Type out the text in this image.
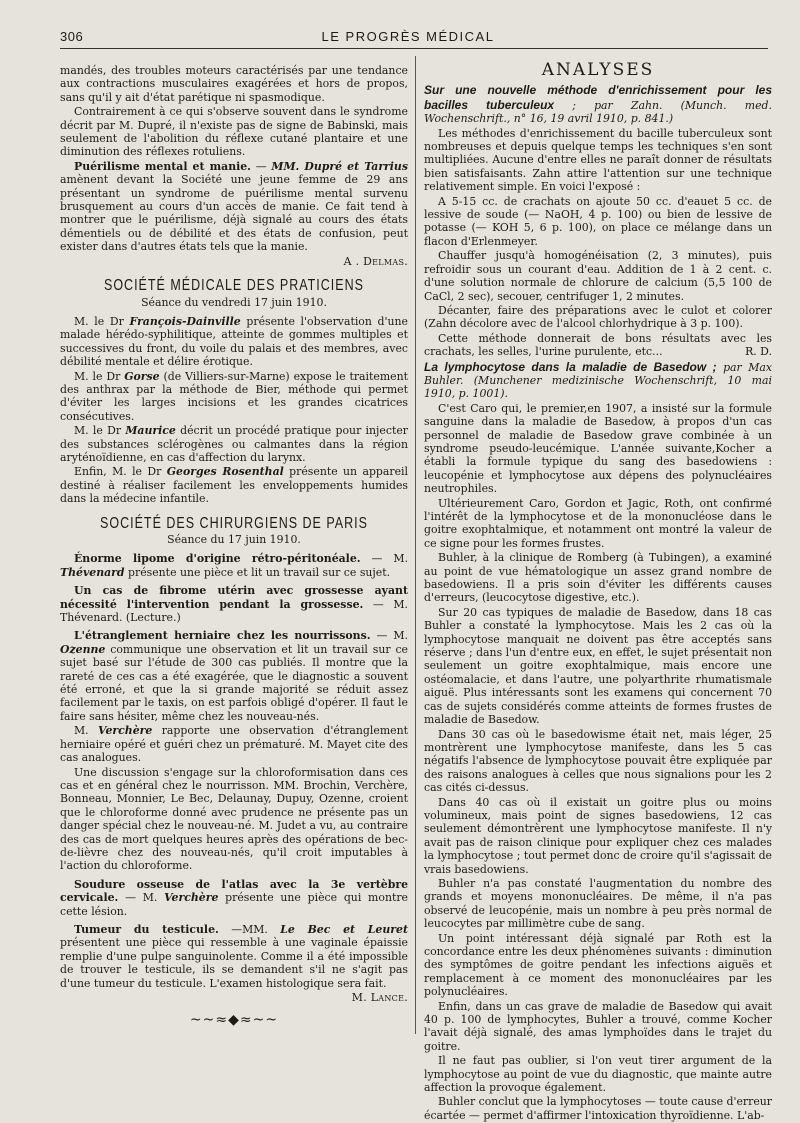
306	LE PROGRÈS MÉDICAL

mandés, des troubles moteurs caractérisés par une tendance aux contractions musculaires exagérées et hors de propos, sans qu'il y ait d'état parétique ni spasmodique.

Contrairement à ce qui s'observe souvent dans le syndrome décrit par M. Dupré, il n'existe pas de signe de Babinski, mais seulement de l'abolition du réflexe cutané plantaire et une diminution des réflexes rotuliens.

Puérilisme mental et manie. — MM. Dupré et Tarrius amènent devant la Société une jeune femme de 29 ans présentant un syndrome de puérilisme mental survenu brusquement au cours d'un accès de manie. Ce fait tend à montrer que le puérilisme, déjà signalé au cours des états démentiels ou de débilité et des états de confusion, peut exister dans d'autres états tels que la manie.

A . Delmas.

SOCIÉTÉ MÉDICALE DES PRATICIENS

Séance du vendredi 17 juin 1910.

M. le Dr François-Dainville présente l'observation d'une malade hérédo-syphilitique, atteinte de gommes multiples et successives du front, du voile du palais et des membres, avec débilité mentale et délire érotique.

M. le Dr Gorse (de Villiers-sur-Marne) expose le traitement des anthrax par la méthode de Bier, méthode qui permet d'éviter les larges incisions et les grandes cicatrices consécutives.

M. le Dr Maurice décrit un procédé pratique pour injecter des substances sclérogènes ou calmantes dans la région aryténoïdienne, en cas d'affection du larynx.

Enfin, M. le Dr Georges Rosenthal présente un appareil destiné à réaliser facilement les enveloppements humides dans la médecine infantile.

SOCIÉTÉ DES CHIRURGIENS DE PARIS

Séance du 17 juin 1910.

Énorme lipome d'origine rétro-péritonéale. — M. Thévenard présente une pièce et lit un travail sur ce sujet.

Un cas de fibrome utérin avec grossesse ayant nécessité l'intervention pendant la grossesse. — M. Thévenard. (Lecture.)

L'étranglement herniaire chez les nourrissons. — M. Ozenne communique une observation et lit un travail sur ce sujet basé sur l'étude de 300 cas publiés. Il montre que la rareté de ces cas a été exagérée, que le diagnostic a souvent été erroné, et que la si grande majorité se réduit assez facilement par le taxis, on est parfois obligé d'opérer. Il faut le faire sans hésiter, même chez les nouveau-nés.

M. Verchère rapporte une observation d'étranglement herniaire opéré et guéri chez un prématuré. M. Mayet cite des cas analogues.

Une discussion s'engage sur la chloroformisation dans ces cas et en général chez le nourrisson. MM. Brochin, Verchère, Bonneau, Monnier, Le Bec, Delaunay, Dupuy, Ozenne, croient que le chloroforme donné avec prudence ne présente pas un danger spécial chez le nouveau-né. M. Judet a vu, au contraire des cas de mort quelques heures après des opérations de bec-de-lièvre chez des nouveau-nés, qu'il croit imputables à l'action du chloroforme.

Soudure osseuse de l'atlas avec la 3e vertèbre cervicale. — M. Verchère présente une pièce qui montre cette lésion.

Tumeur du testicule. —MM. Le Bec et Leuret présentent une pièce qui ressemble à une vaginale épaissie remplie d'une pulpe sanguinolente. Comme il a été impossible de trouver le testicule, ils se demandent s'il ne s'agit pas d'une tumeur du testicule. L'examen histologique sera fait.

M. Lance.

~~≈◆≈~~

ANALYSES

Sur une nouvelle méthode d'enrichissement pour les bacilles tuberculeux ; par Zahn. (Munch. med. Wochenschrift., n° 16, 19 avril 1910, p. 841.)

Les méthodes d'enrichissement du bacille tuberculeux sont nombreuses et depuis quelque temps les techniques s'en sont multipliées. Aucune d'entre elles ne paraît donner de résultats bien satisfaisants. Zahn attire l'attention sur une technique relativement simple. En voici l'exposé :

A 5-15 cc. de crachats on ajoute 50 cc. d'eauet 5 cc. de lessive de soude (— NaOH, 4 p. 100) ou bien de lessive de potasse (— KOH 5, 6 p. 100), on place ce mélange dans un flacon d'Erlenmeyer.

Chauffer jusqu'à homogénéisation (2, 3 minutes), puis refroidir sous un courant d'eau. Addition de 1 à 2 cent. c. d'une solution normale de chlorure de calcium (5,5 100 de CaCl, 2 sec), secouer, centrifuger 1, 2 minutes.

Décanter, faire des préparations avec le culot et colorer (Zahn décolore avec de l'alcool chlorhydrique à 3 p. 100).

Cette méthode donnerait de bons résultats avec les crachats, les selles, l'urine purulente, etc...	R. D.

La lymphocytose dans la maladie de Basedow ; par Max Buhler. (Munchener medizinische Wochenschrift, 10 mai 1910, p. 1001).

C'est Caro qui, le premier,en 1907, a insisté sur la formule sanguine dans la maladie de Basedow, à propos d'un cas personnel de maladie de Basedow grave combinée à un syndrome pseudo-leucémique. L'année suivante,Kocher a établi la formule typique du sang des basedowiens : leucopénie et lymphocytose aux dépens des polynucléaires neutrophiles.

Ultérieurement Caro, Gordon et Jagic, Roth, ont confirmé l'intérêt de la lymphocytose et de la mononucléose dans le goitre exophtalmique, et notamment ont montré la valeur de ce signe pour les formes frustes.

Buhler, à la clinique de Romberg (à Tubingen), a examiné au point de vue hématologique un assez grand nombre de basedowiens. Il a pris soin d'éviter les différents causes d'erreurs, (leucocytose digestive, etc.).

Sur 20 cas typiques de maladie de Basedow, dans 18 cas Buhler a constaté la lymphocytose. Mais les 2 cas où la lymphocytose manquait ne doivent pas être acceptés sans réserve ; dans l'un d'entre eux, en effet, le sujet présentait non seulement un goitre exophtalmique, mais encore une ostéomalacie, et dans l'autre, une polyarthrite rhumatismale aiguë. Plus intéressants sont les examens qui concernent 70 cas de sujets considérés comme atteints de formes frustes de maladie de Basedow.

Dans 30 cas où le basedowisme était net, mais léger, 25 montrèrent une lymphocytose manifeste, dans les 5 cas négatifs l'absence de lymphocytose pouvait être expliquée par des raisons analogues à celles que nous signalions pour les 2 cas cités ci-dessus.

Dans 40 cas où il existait un goitre plus ou moins volumineux, mais point de signes basedowiens, 12 cas seulement démontrèrent une lymphocytose manifeste. Il n'y avait pas de raison clinique pour expliquer chez ces malades la lymphocytose ; tout permet donc de croire qu'il s'agissait de vrais basedowiens.

Buhler n'a pas constaté l'augmentation du nombre des grands et moyens mononucléaires. De même, il n'a pas observé de leucopénie, mais un nombre à peu près normal de leucocytes par millimètre cube de sang.

Un point intéressant déjà signalé par Roth est la concordance entre les deux phénomènes suivants : diminution des symptômes de goitre pendant les infections aiguës et remplacement à ce moment des mononucléaires par les polynucléaires.

Enfin, dans un cas grave de maladie de Basedow qui avait 40 p. 100 de lymphocytes, Buhler a trouvé, comme Kocher l'avait déjà signalé, des amas lymphoïdes dans le trajet du goitre.

Il ne faut pas oublier, si l'on veut tirer argument de la lymphocytose au point de vue du diagnostic, que mainte autre affection la provoque également.

Buhler conclut que la lymphocytoses — toute cause d'erreur écartée — permet d'affirmer l'intoxication thyroïdienne. L'ab-
